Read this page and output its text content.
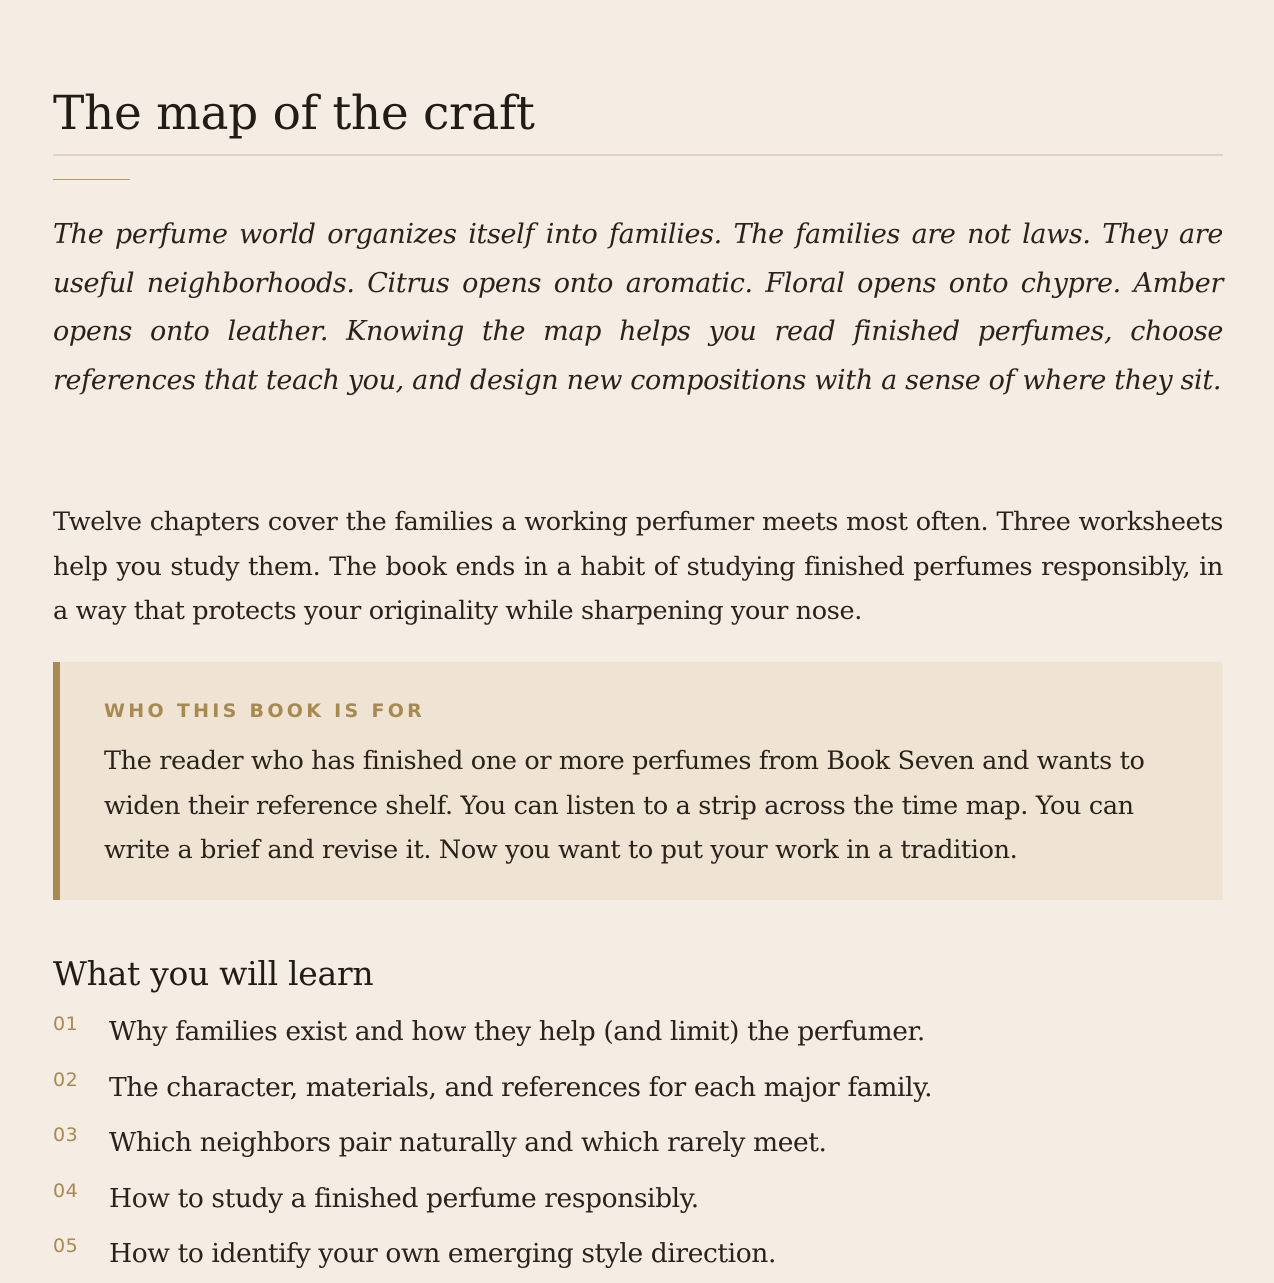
The map of the craft

The perfume world organizes itself into families. The families are not laws. They are useful neighborhoods. Citrus opens onto aromatic. Floral opens onto chypre. Amber opens onto leather. Knowing the map helps you read finished perfumes, choose references that teach you, and design new compositions with a sense of where they sit.

Twelve chapters cover the families a working perfumer meets most often. Three worksheets help you study them. The book ends in a habit of studying finished perfumes responsibly, in a way that protects your originality while sharpening your nose.

WHO THIS BOOK IS FOR

The reader who has finished one or more perfumes from Book Seven and wants to widen their reference shelf. You can listen to a strip across the time map. You can write a brief and revise it. Now you want to put your work in a tradition.

What you will learn
01 Why families exist and how they help (and limit) the perfumer.
02 The character, materials, and references for each major family.
03 Which neighbors pair naturally and which rarely meet.
04 How to study a finished perfume responsibly.
05 How to identify your own emerging style direction.
